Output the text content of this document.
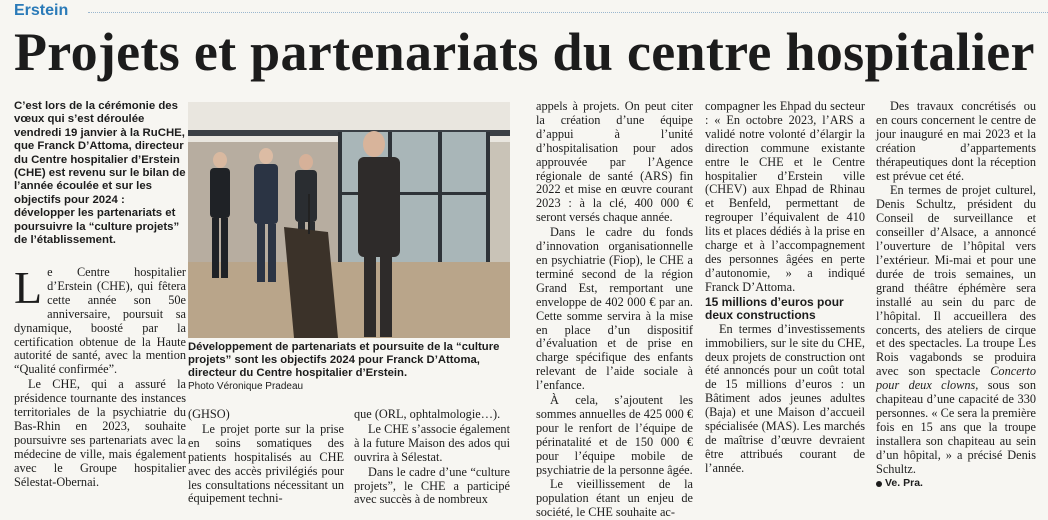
Erstein
Projets et partenariats du centre hospitalier
C’est lors de la cérémonie des vœux qui s’est déroulée vendredi 19 janvier à la RuCHE, que Franck D’Attoma, directeur du Centre hospitalier d’Erstein (CHE) est revenu sur le bilan de l’année écoulée et sur les objectifs pour 2024 : développer les partenariats et poursuivre la “culture projets” de l’établissement.

Le Centre hospitalier d’Erstein (CHE), qui fêtera cette année son 50e anniversaire, poursuit sa dynamique, boosté par la certification obtenue de la Haute autorité de santé, avec la mention “Qualité confirmée”.

Le CHE, qui a assuré la présidence tournante des instances territoriales de la psychiatrie du Bas-Rhin en 2023, souhaite poursuivre ses partenariats avec la médecine de ville, mais également avec le Groupe hospitalier Sélestat-Obernai.

Développement de partenariats et poursuite de la “culture projets” sont les objectifs 2024 pour Franck D’Attoma, directeur du Centre hospitalier d’Erstein.
Photo Véronique Pradeau

(GHSO)

Le projet porte sur la prise en soins somatiques des patients hospitalisés au CHE avec des accès privilégiés pour les consultations nécessitant un équipement techni-

que (ORL, ophtalmologie…).

Le CHE s’associe également à la future Maison des ados qui ouvrira à Sélestat.

Dans le cadre d’une “culture projets”, le CHE a participé avec succès à de nombreux

appels à projets. On peut citer la création d’une équipe d’appui à l’unité d’hospitalisation pour ados approuvée par l’Agence régionale de santé (ARS) fin 2022 et mise en œuvre courant 2023 : à la clé, 400 000 € seront versés chaque année.

Dans le cadre du fonds d’innovation organisationnelle en psychiatrie (Fiop), le CHE a terminé second de la région Grand Est, remportant une enveloppe de 402 000 € par an. Cette somme servira à la mise en place d’un dispositif d’évaluation et de prise en charge spécifique des enfants relevant de l’aide sociale à l’enfance.

À cela, s’ajoutent les sommes annuelles de 425 000 € pour le renfort de l’équipe de périnatalité et de 150 000 € pour l’équipe mobile de psychiatrie de la personne âgée.

Le vieillissement de la population étant un enjeu de société, le CHE souhaite ac-

compagner les Ehpad du secteur : « En octobre 2023, l’ARS a validé notre volonté d’élargir la direction commune existante entre le CHE et le Centre hospitalier d’Erstein ville (CHEV) aux Ehpad de Rhinau et Benfeld, permettant de regrouper l’équivalent de 410 lits et places dédiés à la prise en charge et à l’accompagnement des personnes âgées en perte d’autonomie, » a indiqué Franck D’Attoma.

15 millions d’euros pour deux constructions

En termes d’investissements immobiliers, sur le site du CHE, deux projets de construction ont été annoncés pour un coût total de 15 millions d’euros : un Bâtiment ados jeunes adultes (Baja) et une Maison d’accueil spécialisée (MAS). Les marchés de maîtrise d’œuvre devraient être attribués courant de l’année.

Des travaux concrétisés ou en cours concernent le centre de jour inauguré en mai 2023 et la création d’appartements thérapeutiques dont la réception est prévue cet été.

En termes de projet culturel, Denis Schultz, président du Conseil de surveillance et conseiller d’Alsace, a annoncé l’ouverture de l’hôpital vers l’extérieur. Mi-mai et pour une durée de trois semaines, un grand théâtre éphémère sera installé au sein du parc de l’hôpital. Il accueillera des concerts, des ateliers de cirque et des spectacles. La troupe Les Rois vagabonds se produira avec son spectacle Concerto pour deux clowns, sous son chapiteau d’une capacité de 330 personnes. « Ce sera la première fois en 15 ans que la troupe installera son chapiteau au sein d’un hôpital, » a précisé Denis Schultz.

Ve. Pra.
